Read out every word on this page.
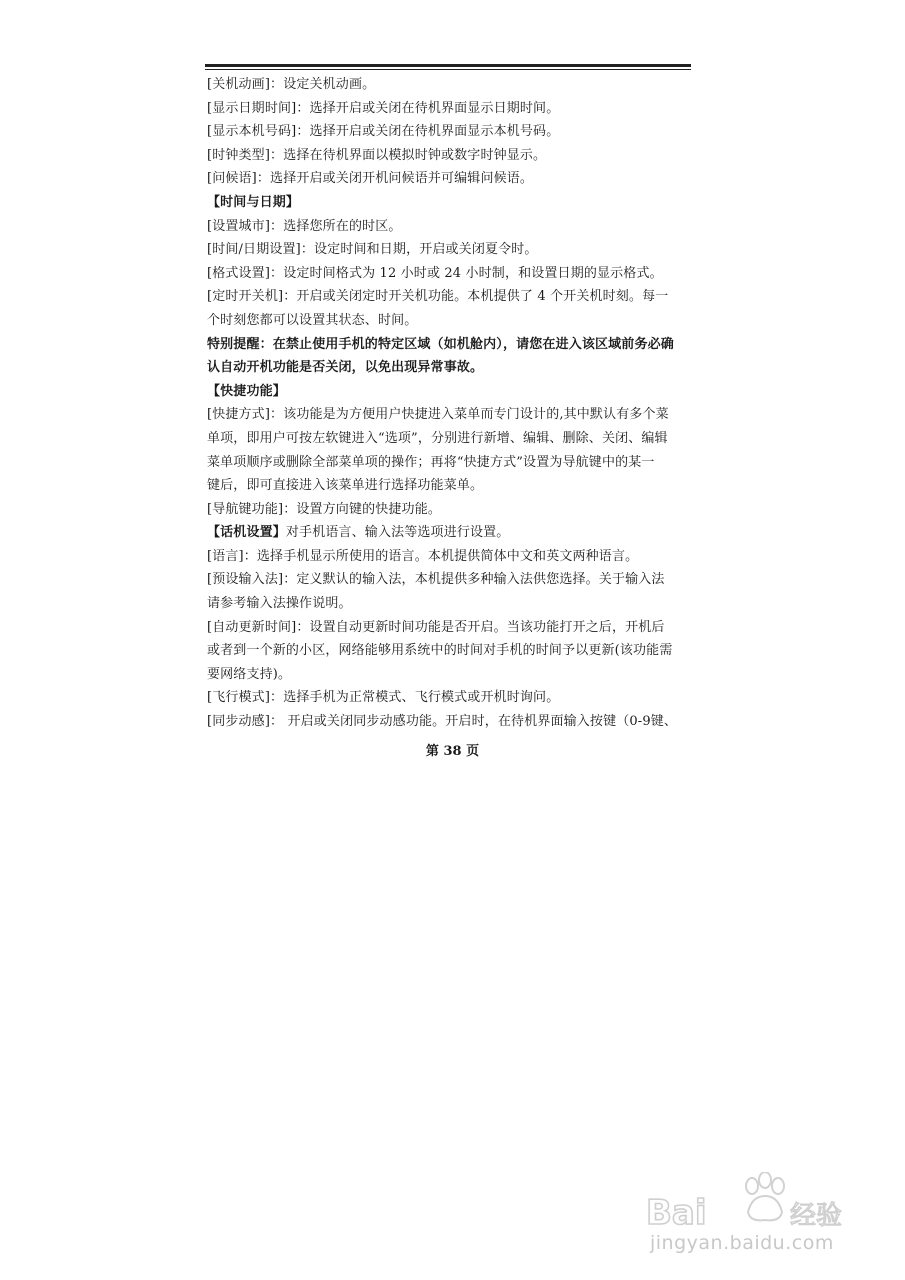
[关机动画]：设定关机动画。
[显示日期时间]：选择开启或关闭在待机界面显示日期时间。
[显示本机号码]：选择开启或关闭在待机界面显示本机号码。
[时钟类型]：选择在待机界面以模拟时钟或数字时钟显示。
[问候语]：选择开启或关闭开机问候语并可编辑问候语。
【时间与日期】
[设置城市]：选择您所在的时区。
[时间/日期设置]：设定时间和日期，开启或关闭夏令时。
[格式设置]：设定时间格式为 12 小时或 24 小时制，和设置日期的显示格式。
[定时开关机]：开启或关闭定时开关机功能。本机提供了 4 个开关机时刻。每一
个时刻您都可以设置其状态、时间。
特别提醒：在禁止使用手机的特定区域（如机舱内），请您在进入该区域前务必确
认自动开机功能是否关闭，以免出现异常事故。
【快捷功能】
[快捷方式]：该功能是为方便用户快捷进入菜单而专门设计的,其中默认有多个菜
单项，即用户可按左软键进入“选项”，分别进行新增、编辑、删除、关闭、编辑
菜单项顺序或删除全部菜单项的操作；再将“快捷方式”设置为导航键中的某一
键后，即可直接进入该菜单进行选择功能菜单。
[导航键功能]：设置方向键的快捷功能。
【话机设置】对手机语言、输入法等选项进行设置。
[语言]：选择手机显示所使用的语言。本机提供简体中文和英文两种语言。
[预设输入法]：定义默认的输入法，本机提供多种输入法供您选择。关于输入法
请参考输入法操作说明。
[自动更新时间]：设置自动更新时间功能是否开启。当该功能打开之后，开机后
或者到一个新的小区，网络能够用系统中的时间对手机的时间予以更新(该功能需
要网络支持)。
[飞行模式]：选择手机为正常模式、飞行模式或开机时询问。
[同步动感]： 开启或关闭同步动感功能。开启时，在待机界面输入按键（0-9键、
第 38 页
Bai	经验
jingyan.baidu.com
